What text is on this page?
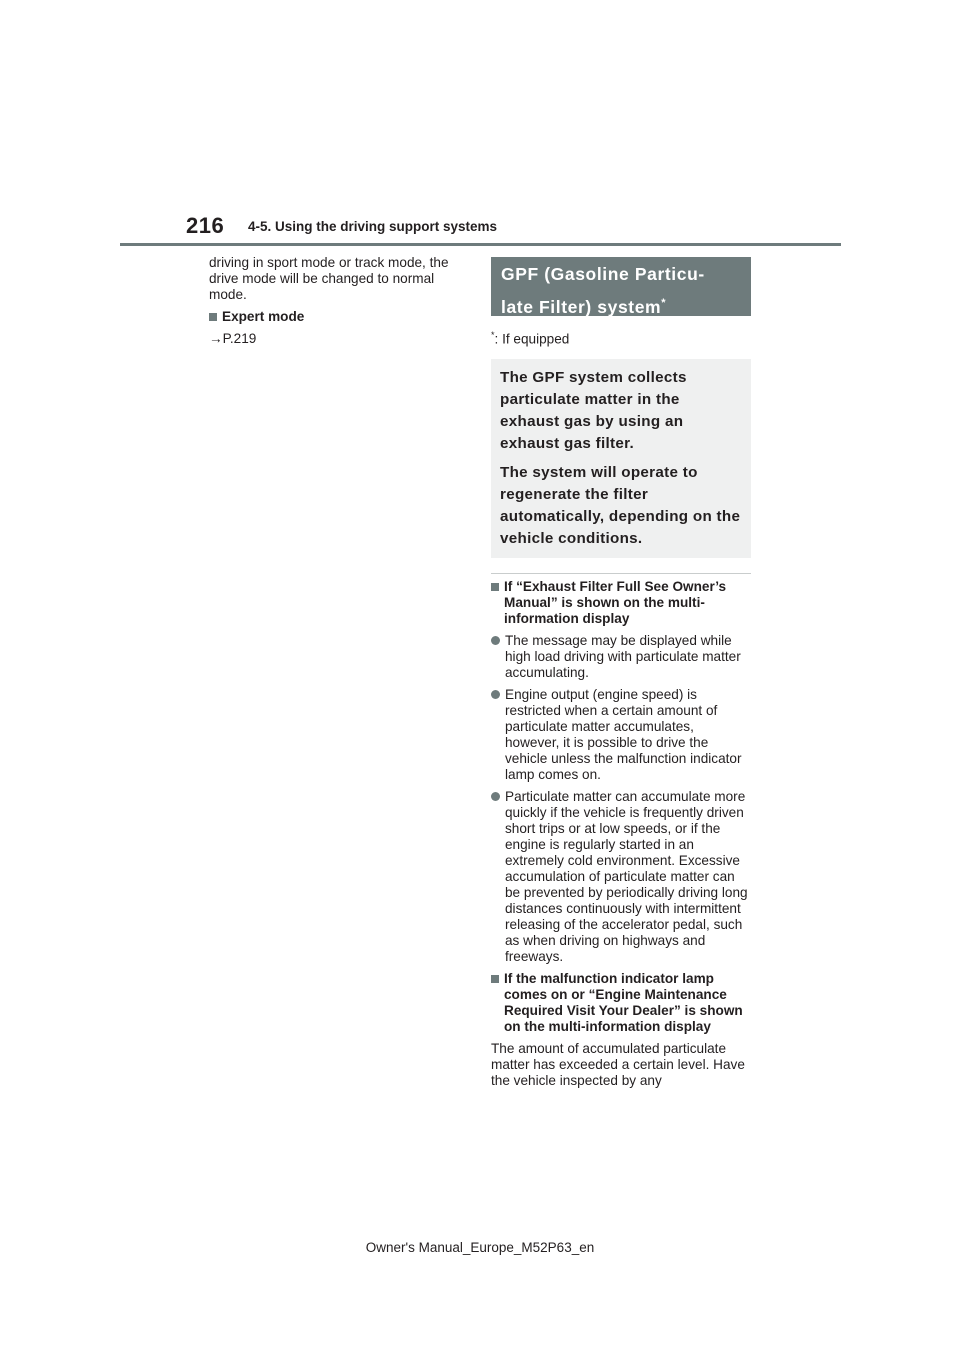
216 4-5. Using the driving support systems

driving in sport mode or track mode, the drive mode will be changed to normal mode.

Expert mode
→P.219
GPF (Gasoline Particu-
late Filter) system*
*: If equipped

The GPF system collects particulate matter in the exhaust gas by using an exhaust gas filter.

The system will operate to regenerate the filter automatically, depending on the vehicle conditions.

If “Exhaust Filter Full See Owner’s Manual” is shown on the multi-information display
The message may be displayed while high load driving with particulate matter accumulating.
Engine output (engine speed) is restricted when a certain amount of particulate matter accumulates, however, it is possible to drive the vehicle unless the malfunction indicator lamp comes on.
Particulate matter can accumulate more quickly if the vehicle is frequently driven short trips or at low speeds, or if the engine is regularly started in an extremely cold environment. Excessive accumulation of particulate matter can be prevented by periodically driving long distances continuously with intermittent releasing of the accelerator pedal, such as when driving on highways and freeways.
If the malfunction indicator lamp comes on or “Engine Maintenance Required Visit Your Dealer” is shown on the multi-information display

The amount of accumulated particulate matter has exceeded a certain level. Have the vehicle inspected by any

Owner's Manual_Europe_M52P63_en
